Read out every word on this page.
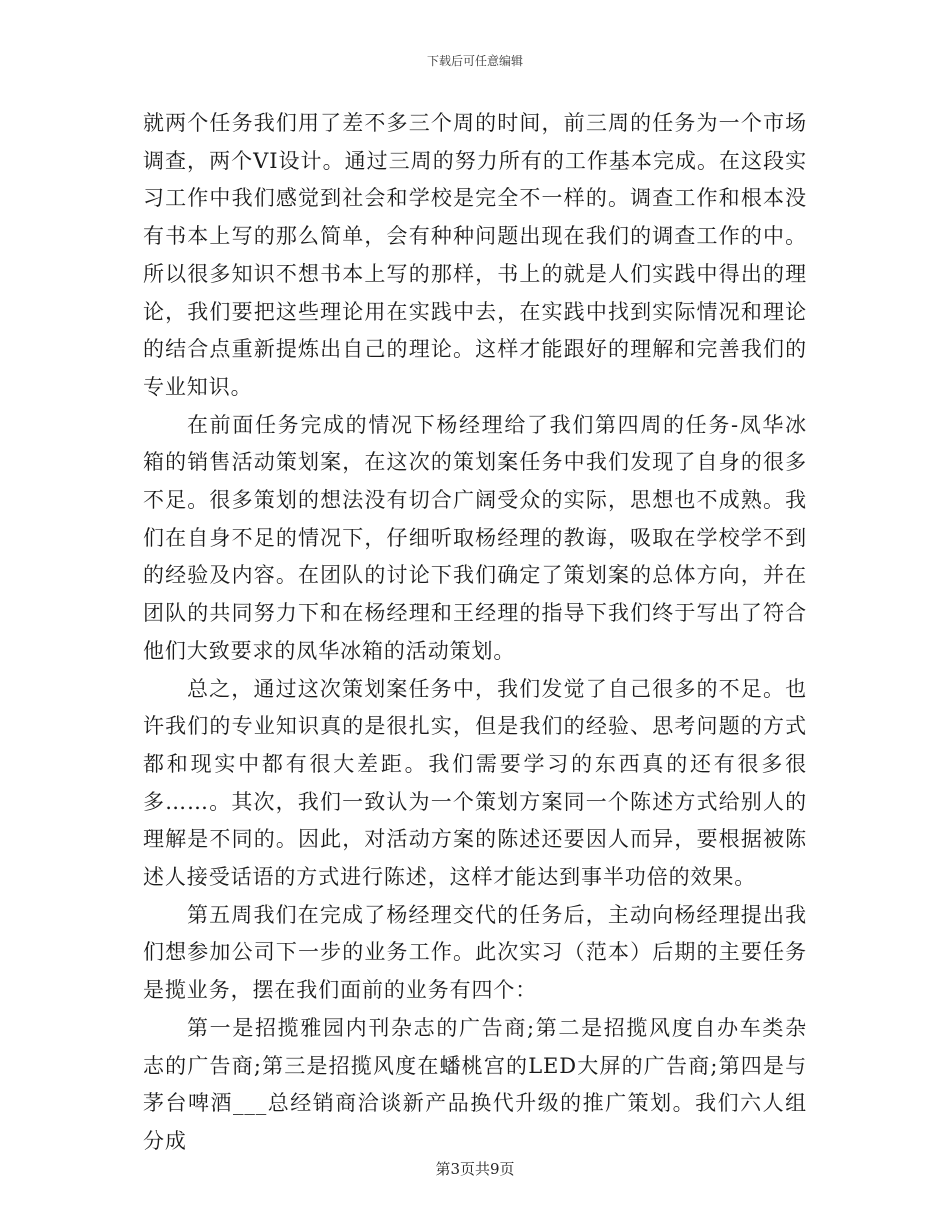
下载后可任意编辑

就两个任务我们用了差不多三个周的时间，前三周的任务为一个市场调查，两个VI设计。通过三周的努力所有的工作基本完成。在这段实习工作中我们感觉到社会和学校是完全不一样的。调查工作和根本没有书本上写的那么简单，会有种种问题出现在我们的调查工作的中。所以很多知识不想书本上写的那样，书上的就是人们实践中得出的理论，我们要把这些理论用在实践中去，在实践中找到实际情况和理论的结合点重新提炼出自己的理论。这样才能跟好的理解和完善我们的专业知识。

在前面任务完成的情况下杨经理给了我们第四周的任务-凤华冰箱的销售活动策划案，在这次的策划案任务中我们发现了自身的很多不足。很多策划的想法没有切合广阔受众的实际，思想也不成熟。我们在自身不足的情况下，仔细听取杨经理的教诲，吸取在学校学不到的经验及内容。在团队的讨论下我们确定了策划案的总体方向，并在团队的共同努力下和在杨经理和王经理的指导下我们终于写出了符合他们大致要求的凤华冰箱的活动策划。

总之，通过这次策划案任务中，我们发觉了自己很多的不足。也许我们的专业知识真的是很扎实，但是我们的经验、思考问题的方式都和现实中都有很大差距。我们需要学习的东西真的还有很多很多……。其次，我们一致认为一个策划方案同一个陈述方式给别人的理解是不同的。因此，对活动方案的陈述还要因人而异，要根据被陈述人接受话语的方式进行陈述，这样才能达到事半功倍的效果。

第五周我们在完成了杨经理交代的任务后，主动向杨经理提出我们想参加公司下一步的业务工作。此次实习（范本）后期的主要任务是揽业务，摆在我们面前的业务有四个：

第一是招揽雅园内刊杂志的广告商;第二是招揽风度自办车类杂志的广告商;第三是招揽风度在蟠桃宫的LED大屏的广告商;第四是与茅台啤酒___总经销商洽谈新产品换代升级的推广策划。我们六人组分成

第3页共9页
